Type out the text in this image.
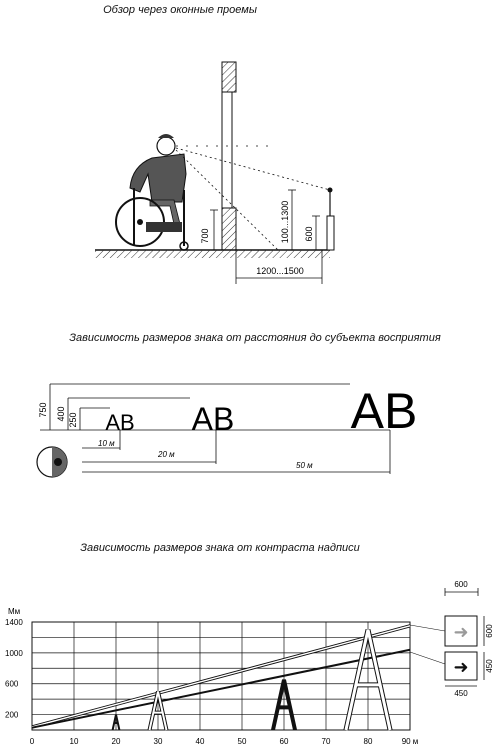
Обзор через оконные проемы

Зависимость размеров знака от расстояния до субъекта восприятия

Зависимость размеров знака от контраста надписи

700	100...1300 600
1200...1500
750 400 250 AB AB AB
10 м
20 м
50 м
Мм
1400
1000
600
200
0	10	20	30	40	50	60	70	80	90 м
600
➜ 600
➜ 450
450
